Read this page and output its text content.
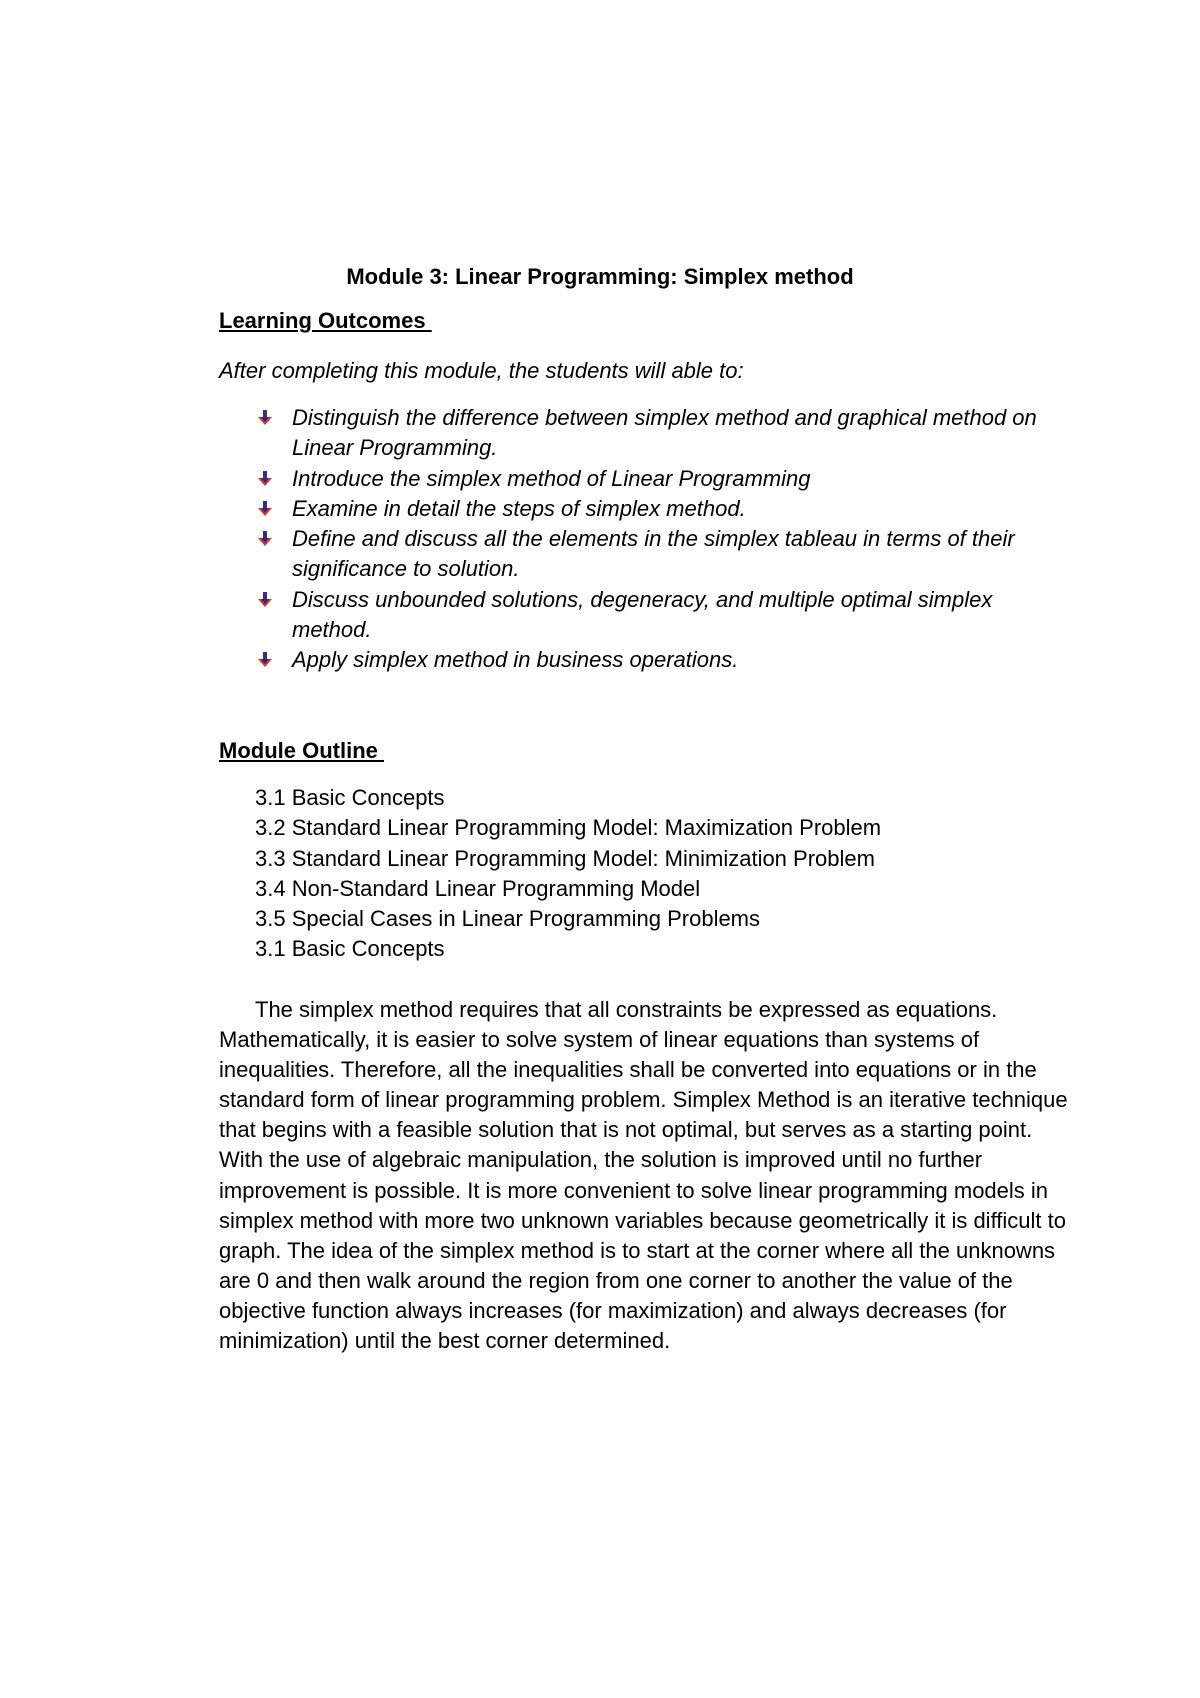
Module 3: Linear Programming: Simplex method
Learning Outcomes
After completing this module, the students will able to:
Distinguish the difference between simplex method and graphical method on Linear Programming.
Introduce the simplex method of Linear Programming
Examine in detail the steps of simplex method.
Define and discuss all the elements in the simplex tableau in terms of their significance to solution.
Discuss unbounded solutions, degeneracy, and multiple optimal simplex method.
Apply simplex method in business operations.
Module Outline
3.1 Basic Concepts
3.2 Standard Linear Programming Model: Maximization Problem
3.3 Standard Linear Programming Model: Minimization Problem
3.4 Non-Standard Linear Programming Model
3.5 Special Cases in Linear Programming Problems
3.1 Basic Concepts

The simplex method requires that all constraints be expressed as equations. Mathematically, it is easier to solve system of linear equations than systems of inequalities. Therefore, all the inequalities shall be converted into equations or in the standard form of linear programming problem. Simplex Method is an iterative technique that begins with a feasible solution that is not optimal, but serves as a starting point. With the use of algebraic manipulation, the solution is improved until no further improvement is possible. It is more convenient to solve linear programming models in simplex method with more two unknown variables because geometrically it is difficult to graph. The idea of the simplex method is to start at the corner where all the unknowns are 0 and then walk around the region from one corner to another the value of the objective function always increases (for maximization) and always decreases (for minimization) until the best corner determined.
